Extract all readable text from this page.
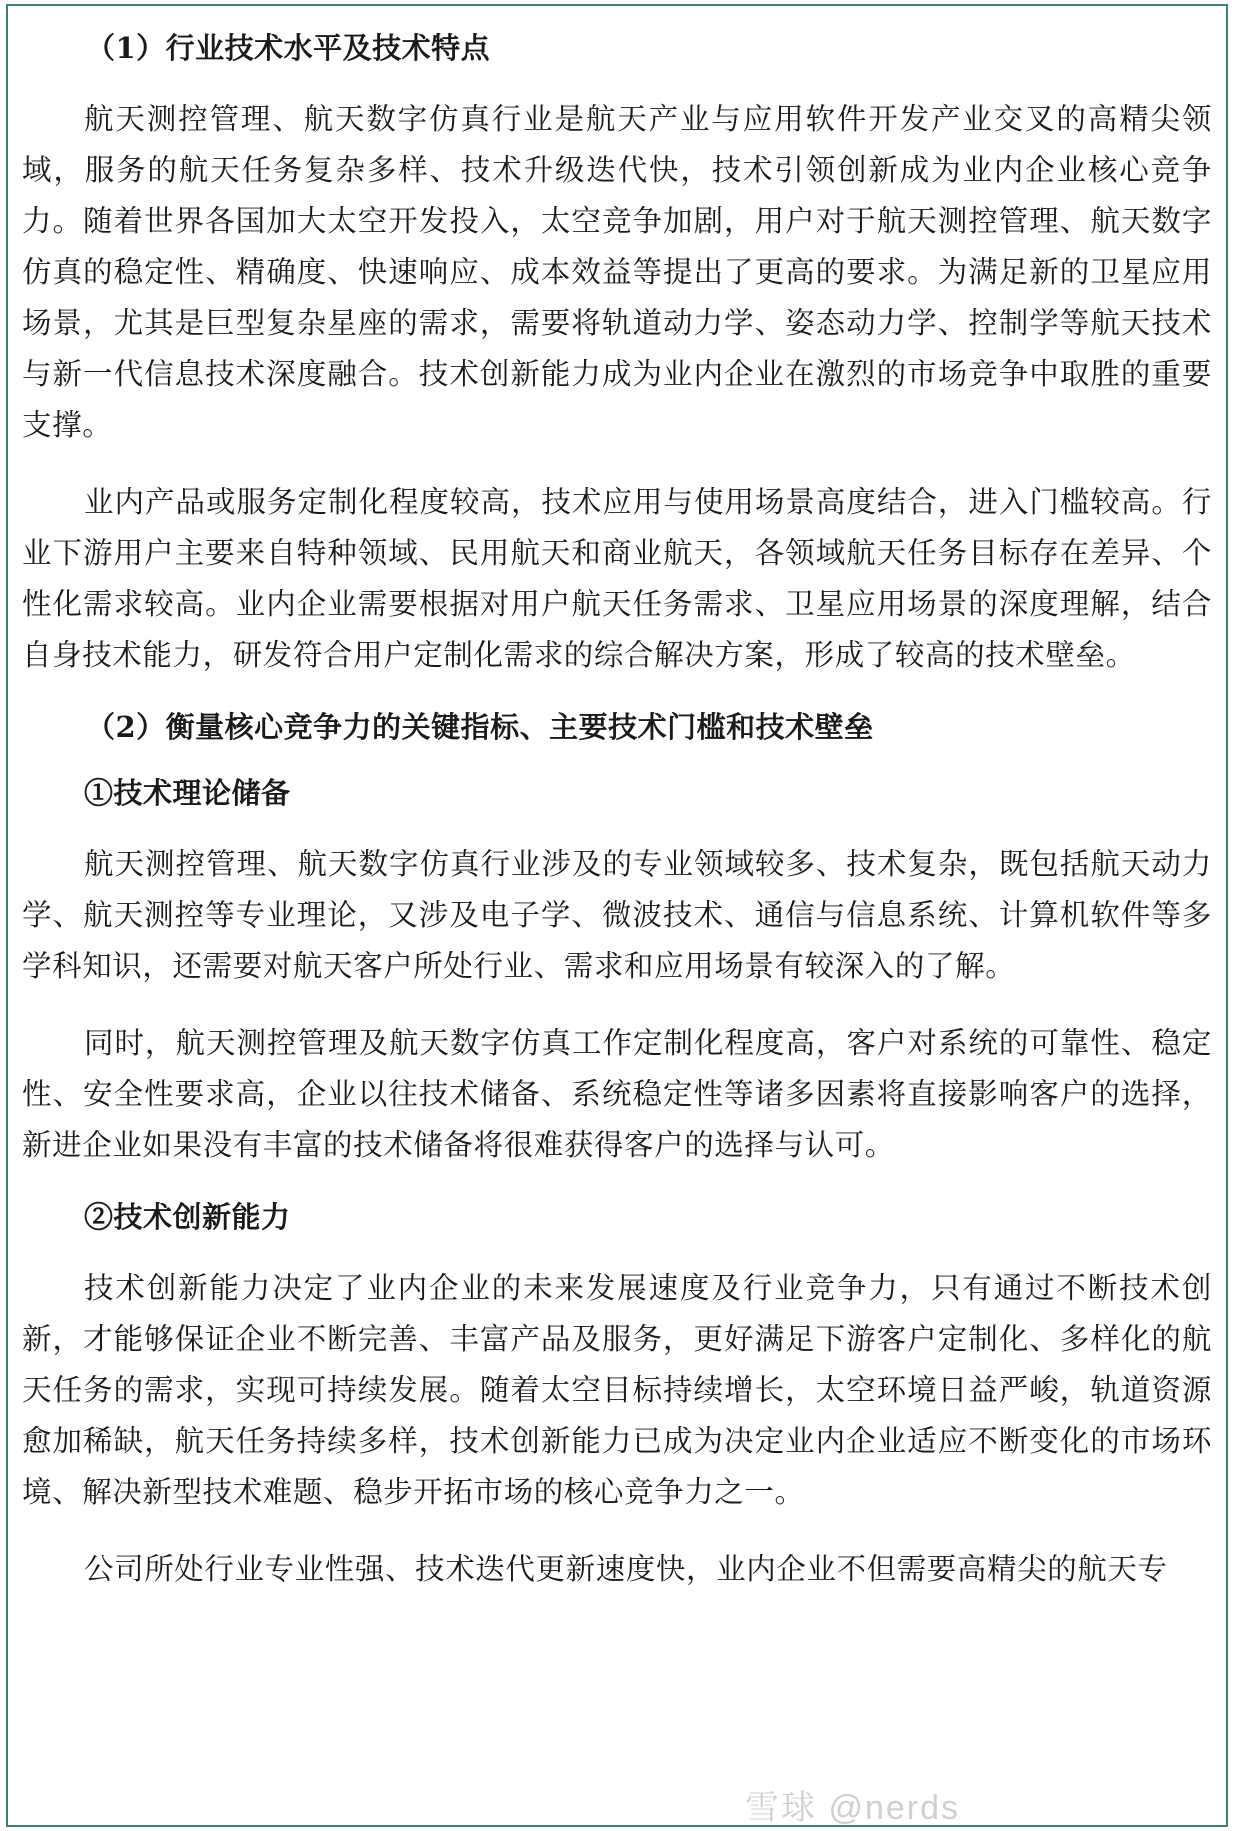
（1）行业技术水平及技术特点

航天测控管理、航天数字仿真行业是航天产业与应用软件开发产业交叉的高精尖领域，服务的航天任务复杂多样、技术升级迭代快，技术引领创新成为业内企业核心竞争力。随着世界各国加大太空开发投入，太空竞争加剧，用户对于航天测控管理、航天数字仿真的稳定性、精确度、快速响应、成本效益等提出了更高的要求。为满足新的卫星应用场景，尤其是巨型复杂星座的需求，需要将轨道动力学、姿态动力学、控制学等航天技术与新一代信息技术深度融合。技术创新能力成为业内企业在激烈的市场竞争中取胜的重要支撑。

业内产品或服务定制化程度较高，技术应用与使用场景高度结合，进入门槛较高。行业下游用户主要来自特种领域、民用航天和商业航天，各领域航天任务目标存在差异、个性化需求较高。业内企业需要根据对用户航天任务需求、卫星应用场景的深度理解，结合自身技术能力，研发符合用户定制化需求的综合解决方案，形成了较高的技术壁垒。

（2）衡量核心竞争力的关键指标、主要技术门槛和技术壁垒
①技术理论储备

航天测控管理、航天数字仿真行业涉及的专业领域较多、技术复杂，既包括航天动力学、航天测控等专业理论，又涉及电子学、微波技术、通信与信息系统、计算机软件等多学科知识，还需要对航天客户所处行业、需求和应用场景有较深入的了解。

同时，航天测控管理及航天数字仿真工作定制化程度高，客户对系统的可靠性、稳定性、安全性要求高，企业以往技术储备、系统稳定性等诸多因素将直接影响客户的选择，新进企业如果没有丰富的技术储备将很难获得客户的选择与认可。

②技术创新能力

技术创新能力决定了业内企业的未来发展速度及行业竞争力，只有通过不断技术创新，才能够保证企业不断完善、丰富产品及服务，更好满足下游客户定制化、多样化的航天任务的需求，实现可持续发展。随着太空目标持续增长，太空环境日益严峻，轨道资源愈加稀缺，航天任务持续多样，技术创新能力已成为决定业内企业适应不断变化的市场环境、解决新型技术难题、稳步开拓市场的核心竞争力之一。

公司所处行业专业性强、技术迭代更新速度快，业内企业不但需要高精尖的航天专

雪球 @nerds
